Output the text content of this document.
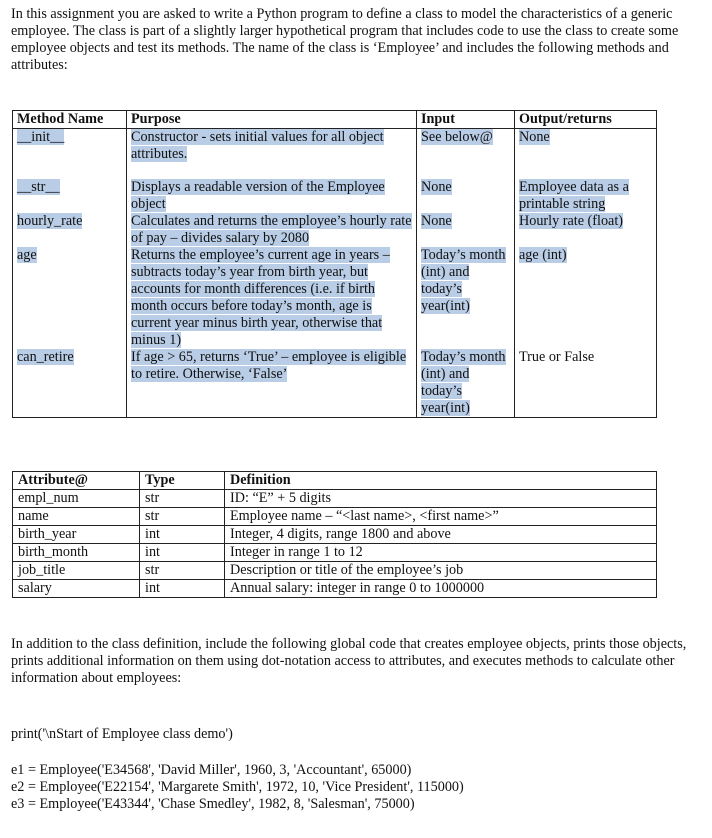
In this assignment you are asked to write a Python program to define a class to model the characteristics of a generic employee. The class is part of a slightly larger hypothetical program that includes code to use the class to create some employee objects and test its methods. The name of the class is ‘Employee’ and includes the following methods and attributes:

Method Name	Purpose	Input	Output/returns
__init__	Constructor - sets initial values for all object attributes.	See below@	None
__str__	Displays a readable version of the Employee object	None	Employee data as a printable string
hourly_rate	Calculates and returns the employee’s hourly rate of pay – divides salary by 2080	None	Hourly rate (float)
age	Returns the employee’s current age in years – subtracts today’s year from birth year, but accounts for month differences (i.e. if birth month occurs before today’s month, age is current year minus birth year, otherwise that minus 1)	Today’s month (int) and today’s year(int)	age (int)
can_retire	If age > 65, returns ‘True’ – employee is eligible to retire. Otherwise, ‘False’	Today’s month (int) and today’s year(int)	True or False
Attribute@	Type	Definition
empl_num	str	ID: “E” + 5 digits
name	str	Employee name – “<last name>, <first name>”
birth_year	int	Integer, 4 digits, range 1800 and above
birth_month	int	Integer in range 1 to 12
job_title	str	Description or title of the employee’s job
salary	int	Annual salary: integer in range 0 to 1000000

In addition to the class definition, include the following global code that creates employee objects, prints those objects, prints additional information on them using dot-notation access to attributes, and executes methods to calculate other information about employees:

print('\nStart of Employee class demo')

e1 = Employee('E34568', 'David Miller', 1960, 3, 'Accountant', 65000)

e2 = Employee('E22154', 'Margarete Smith', 1972, 10, 'Vice President', 115000)

e3 = Employee('E43344', 'Chase Smedley', 1982, 8, 'Salesman', 75000)
